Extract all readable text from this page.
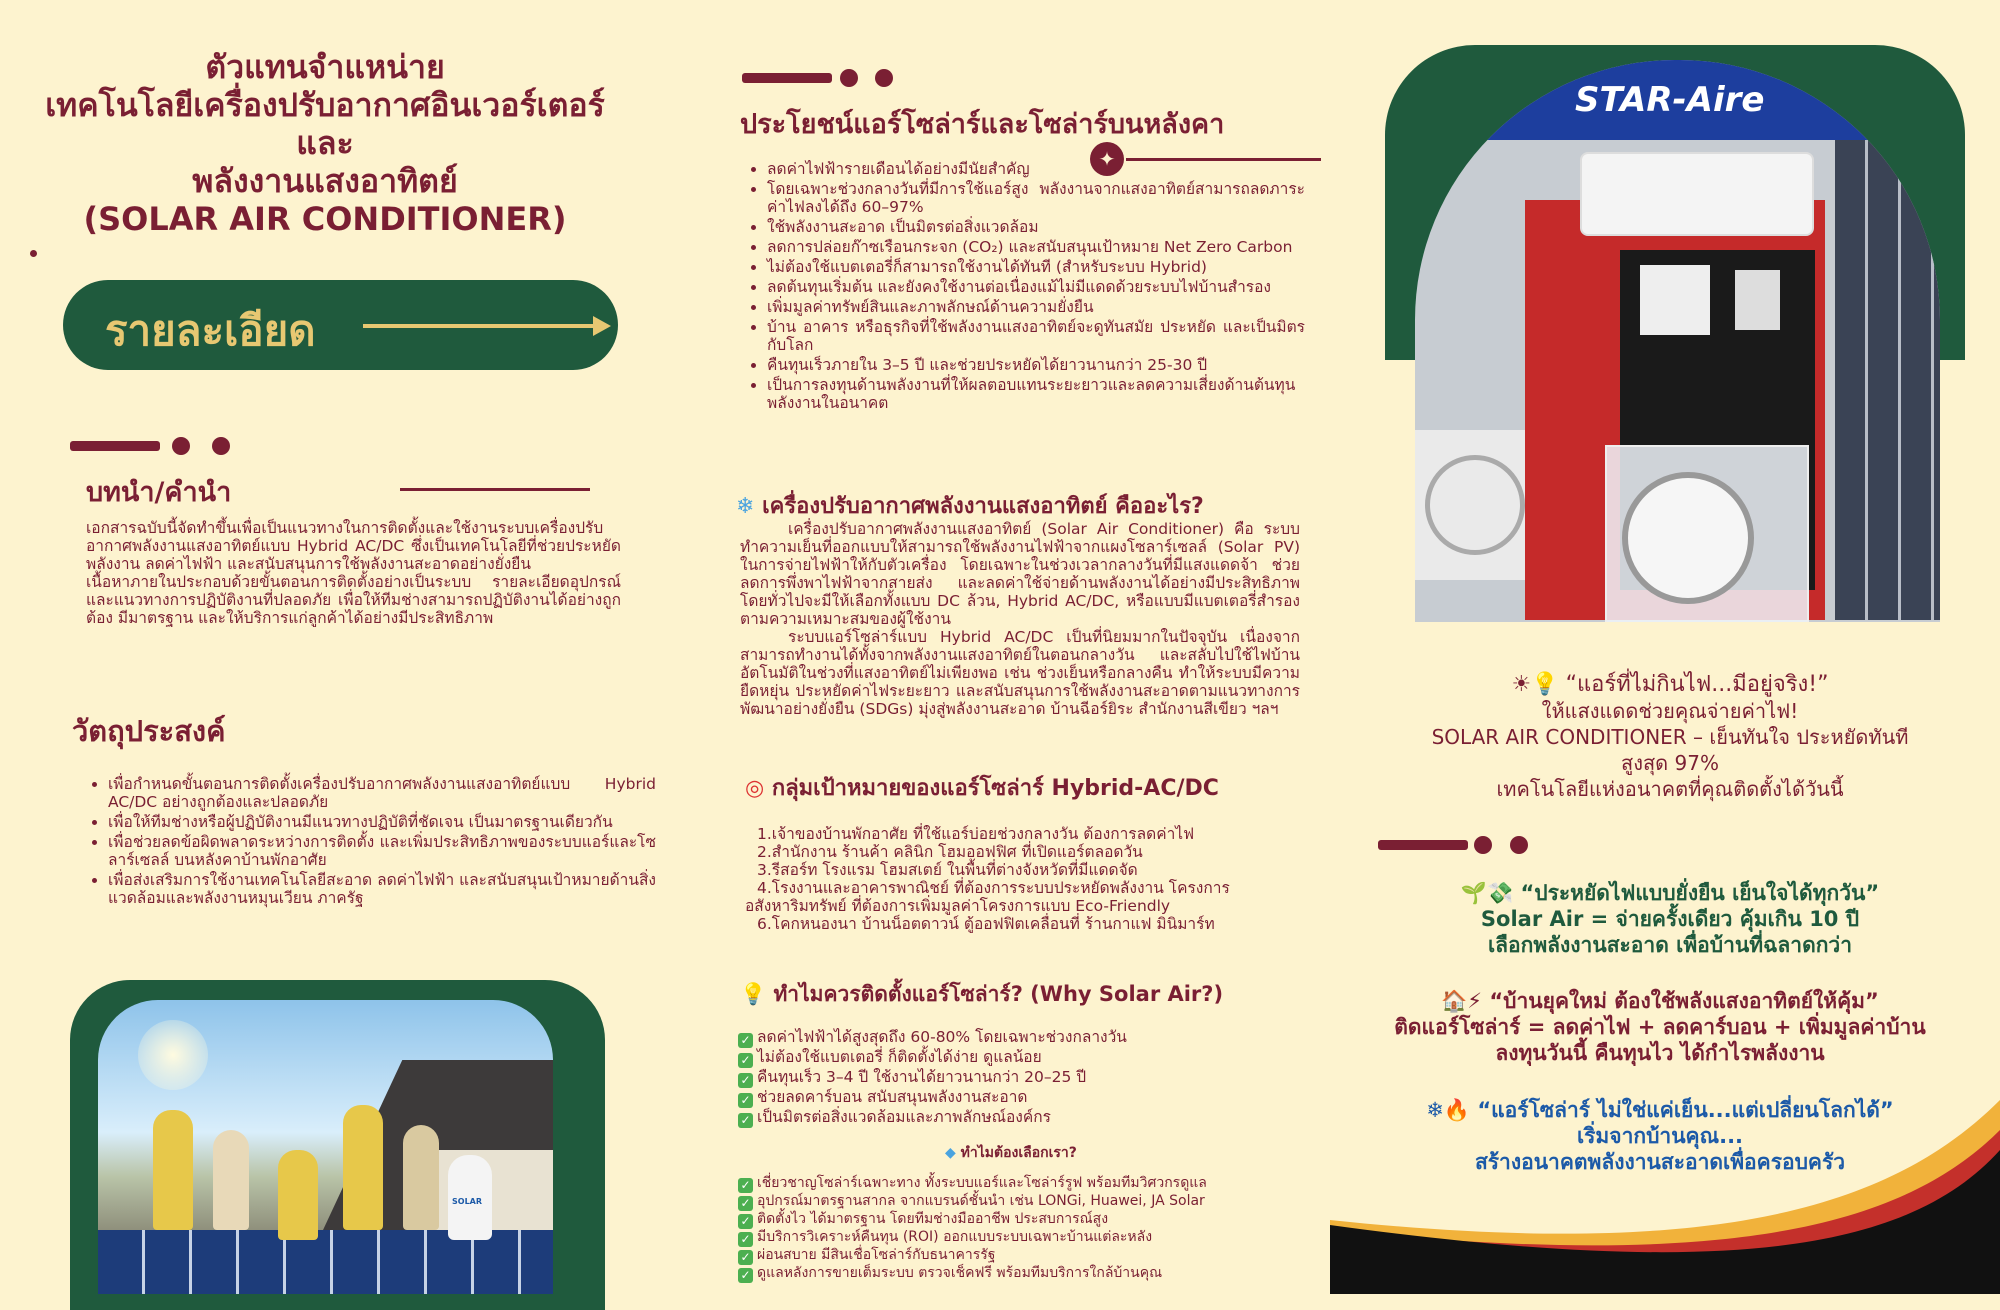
ตัวแทนจำแหน่าย
เทคโนโลยีเครื่องปรับอากาศอินเวอร์เตอร์
และ
พลังงานแสงอาทิตย์
(SOLAR AIR CONDITIONER)
รายละเอียด
บทนำ/คำนำ
เอกสารฉบับนี้จัดทำขึ้นเพื่อเป็นแนวทางในการติดตั้งและใช้งานระบบเครื่องปรับอากาศพลังงานแสงอาทิตย์แบบ Hybrid AC/DC ซึ่งเป็นเทคโนโลยีที่ช่วยประหยัดพลังงาน ลดค่าไฟฟ้า และสนับสนุนการใช้พลังงานสะอาดอย่างยั่งยืน
เนื้อหาภายในประกอบด้วยขั้นตอนการติดตั้งอย่างเป็นระบบ รายละเอียดอุปกรณ์ และแนวทางการปฏิบัติงานที่ปลอดภัย เพื่อให้ทีมช่างสามารถปฏิบัติงานได้อย่างถูกต้อง มีมาตรฐาน และให้บริการแก่ลูกค้าได้อย่างมีประสิทธิภาพ
วัตถุประสงค์
• เพื่อกำหนดขั้นตอนการติดตั้งเครื่องปรับอากาศพลังงานแสงอาทิตย์แบบ Hybrid AC/DC อย่างถูกต้องและปลอดภัย
• เพื่อให้ทีมช่างหรือผู้ปฏิบัติงานมีแนวทางปฏิบัติที่ชัดเจน เป็นมาตรฐานเดียวกัน
• เพื่อช่วยลดข้อผิดพลาดระหว่างการติดตั้ง และเพิ่มประสิทธิภาพของระบบแอร์และโซลาร์เซลล์ บนหลังคาบ้านพักอาศัย
• เพื่อส่งเสริมการใช้งานเทคโนโลยีสะอาด ลดค่าไฟฟ้า และสนับสนุนเป้าหมายด้านสิ่งแวดล้อมและพลังงานหมุนเวียน ภาครัฐ
SOLAR
ประโยชน์แอร์โซล่าร์และโซล่าร์บนหลังคา
✦
• ลดค่าไฟฟ้ารายเดือนได้อย่างมีนัยสำคัญ
• โดยเฉพาะช่วงกลางวันที่มีการใช้แอร์สูง พลังงานจากแสงอาทิตย์สามารถลดภาระค่าไฟลงได้ถึง 60–97%
• ใช้พลังงานสะอาด เป็นมิตรต่อสิ่งแวดล้อม
• ลดการปล่อยก๊าซเรือนกระจก (CO₂) และสนับสนุนเป้าหมาย Net Zero Carbon
• ไม่ต้องใช้แบตเตอรี่ก็สามารถใช้งานได้ทันที (สำหรับระบบ Hybrid)
• ลดต้นทุนเริ่มต้น และยังคงใช้งานต่อเนื่องแม้ไม่มีแดดด้วยระบบไฟบ้านสำรอง
• เพิ่มมูลค่าทรัพย์สินและภาพลักษณ์ด้านความยั่งยืน
• บ้าน อาคาร หรือธุรกิจที่ใช้พลังงานแสงอาทิตย์จะดูทันสมัย ประหยัด และเป็นมิตรกับโลก
• คืนทุนเร็วภายใน 3–5 ปี และช่วยประหยัดได้ยาวนานกว่า 25-30 ปี
• เป็นการลงทุนด้านพลังงานที่ให้ผลตอบแทนระยะยาวและลดความเสี่ยงด้านต้นทุนพลังงานในอนาคต
❄ เครื่องปรับอากาศพลังงานแสงอาทิตย์ คืออะไร?
เครื่องปรับอากาศพลังงานแสงอาทิตย์ (Solar Air Conditioner) คือ ระบบทำความเย็นที่ออกแบบให้สามารถใช้พลังงานไฟฟ้าจากแผงโซลาร์เซลล์ (Solar PV) ในการจ่ายไฟฟ้าให้กับตัวเครื่อง โดยเฉพาะในช่วงเวลากลางวันที่มีแสงแดดจ้า ช่วยลดการพึ่งพาไฟฟ้าจากสายส่ง และลดค่าใช้จ่ายด้านพลังงานได้อย่างมีประสิทธิภาพ โดยทั่วไปจะมีให้เลือกทั้งแบบ DC ล้วน, Hybrid AC/DC, หรือแบบมีแบตเตอรี่สำรองตามความเหมาะสมของผู้ใช้งาน
ระบบแอร์โซล่าร์แบบ Hybrid AC/DC เป็นที่นิยมมากในปัจจุบัน เนื่องจากสามารถทำงานได้ทั้งจากพลังงานแสงอาทิตย์ในตอนกลางวัน และสลับไปใช้ไฟบ้านอัตโนมัติในช่วงที่แสงอาทิตย์ไม่เพียงพอ เช่น ช่วงเย็นหรือกลางคืน ทำให้ระบบมีความยืดหยุ่น ประหยัดค่าไฟระยะยาว และสนับสนุนการใช้พลังงานสะอาดตามแนวทางการพัฒนาอย่างยั่งยืน (SDGs) มุ่งสู่พลังงานสะอาด บ้านฉีอร์ยิระ สำนักงานสีเขียว ฯลฯ
◎ กลุ่มเป้าหมายของแอร์โซล่าร์ Hybrid-AC/DC
1.เจ้าของบ้านพักอาศัย ที่ใช้แอร์บ่อยช่วงกลางวัน ต้องการลดค่าไฟ
2.สำนักงาน ร้านค้า คลินิก โฮมออฟฟิศ ที่เปิดแอร์ตลอดวัน
3.รีสอร์ท โรงแรม โฮมสเตย์ ในพื้นที่ต่างจังหวัดที่มีแดดจัด
4.โรงงานและอาคารพาณิชย์ ที่ต้องการระบบประหยัดพลังงาน โครงการอสังหาริมทรัพย์ ที่ต้องการเพิ่มมูลค่าโครงการแบบ Eco-Friendly
6.โคกหนองนา บ้านน็อตดาวน์ ตู้ออฟฟิตเคลื่อนที่ ร้านกาแฟ มินิมาร์ท
💡 ทำไมควรติดตั้งแอร์โซล่าร์? (Why Solar Air?)
✓ ลดค่าไฟฟ้าได้สูงสุดถึง 60-80% โดยเฉพาะช่วงกลางวัน
✓ ไม่ต้องใช้แบตเตอรี่ ก็ติดตั้งได้ง่าย ดูแลน้อย
✓ คืนทุนเร็ว 3–4 ปี ใช้งานได้ยาวนานกว่า 20–25 ปี
✓ ช่วยลดคาร์บอน สนับสนุนพลังงานสะอาด
✓ เป็นมิตรต่อสิ่งแวดล้อมและภาพลักษณ์องค์กร
◆ ทำไมต้องเลือกเรา?
✓ เชี่ยวชาญโซล่าร์เฉพาะทาง ทั้งระบบแอร์และโซล่าร์รูฟ พร้อมทีมวิศวกรดูแล
✓ อุปกรณ์มาตรฐานสากล จากแบรนด์ชั้นนำ เช่น LONGi, Huawei, JA Solar
✓ ติดตั้งไว ได้มาตรฐาน โดยทีมช่างมืออาชีพ ประสบการณ์สูง
✓ มีบริการวิเคราะห์คืนทุน (ROI) ออกแบบระบบเฉพาะบ้านแต่ละหลัง
✓ ผ่อนสบาย มีสินเชื่อโซล่าร์กับธนาคารรัฐ
✓ ดูแลหลังการขายเต็มระบบ ตรวจเช็คฟรี พร้อมทีมบริการใกล้บ้านคุณ
STAR-Aire
☀💡 “แอร์ที่ไม่กินไฟ...มีอยู่จริง!”
ให้แสงแดดช่วยคุณจ่ายค่าไฟ!
SOLAR AIR CONDITIONER – เย็นทันใจ ประหยัดทันที
สูงสุด 97%
เทคโนโลยีแห่งอนาคตที่คุณติดตั้งได้วันนี้
🌱💸 “ประหยัดไฟแบบยั่งยืน เย็นใจได้ทุกวัน”
Solar Air = จ่ายครั้งเดียว คุ้มเกิน 10 ปี
เลือกพลังงานสะอาด เพื่อบ้านที่ฉลาดกว่า
🏠⚡ “บ้านยุคใหม่ ต้องใช้พลังแสงอาทิตย์ให้คุ้ม”
ติดแอร์โซล่าร์ = ลดค่าไฟ + ลดคาร์บอน + เพิ่มมูลค่าบ้าน
ลงทุนวันนี้ คืนทุนไว ได้กำไรพลังงาน
❄🔥 “แอร์โซล่าร์ ไม่ใช่แค่เย็น...แต่เปลี่ยนโลกได้”
เริ่มจากบ้านคุณ...
สร้างอนาคตพลังงานสะอาดเพื่อครอบครัว
